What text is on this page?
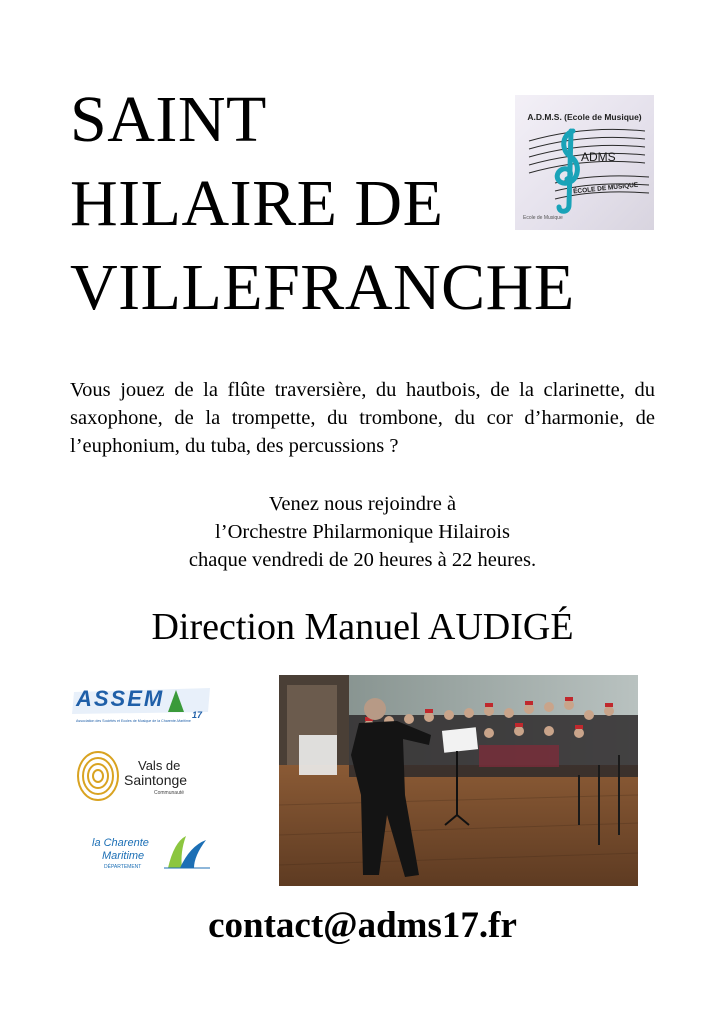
SAINT
HILAIRE DE
VILLEFRANCHE
A.D.M.S. (Ecole de Musique)
ADMS
ÉCOLE DE MUSIQUE
Ecole de Musique
Vous jouez de la flûte traversière, du hautbois, de la clarinette, du saxophone, de la trompette, du trombone, du cor d’harmonie, de l’euphonium, du tuba, des percussions ?
Venez nous rejoindre à
l’Orchestre Philarmonique Hilairois
chaque vendredi de 20 heures à 22 heures.
Direction Manuel AUDIGÉ
ASSEM
17
Association des Sociétés et Ecoles de Musique de la Charente-Maritime
Vals de
Saintonge
Communauté
la Charente
Maritime
DÉPARTEMENT
contact@adms17.fr
